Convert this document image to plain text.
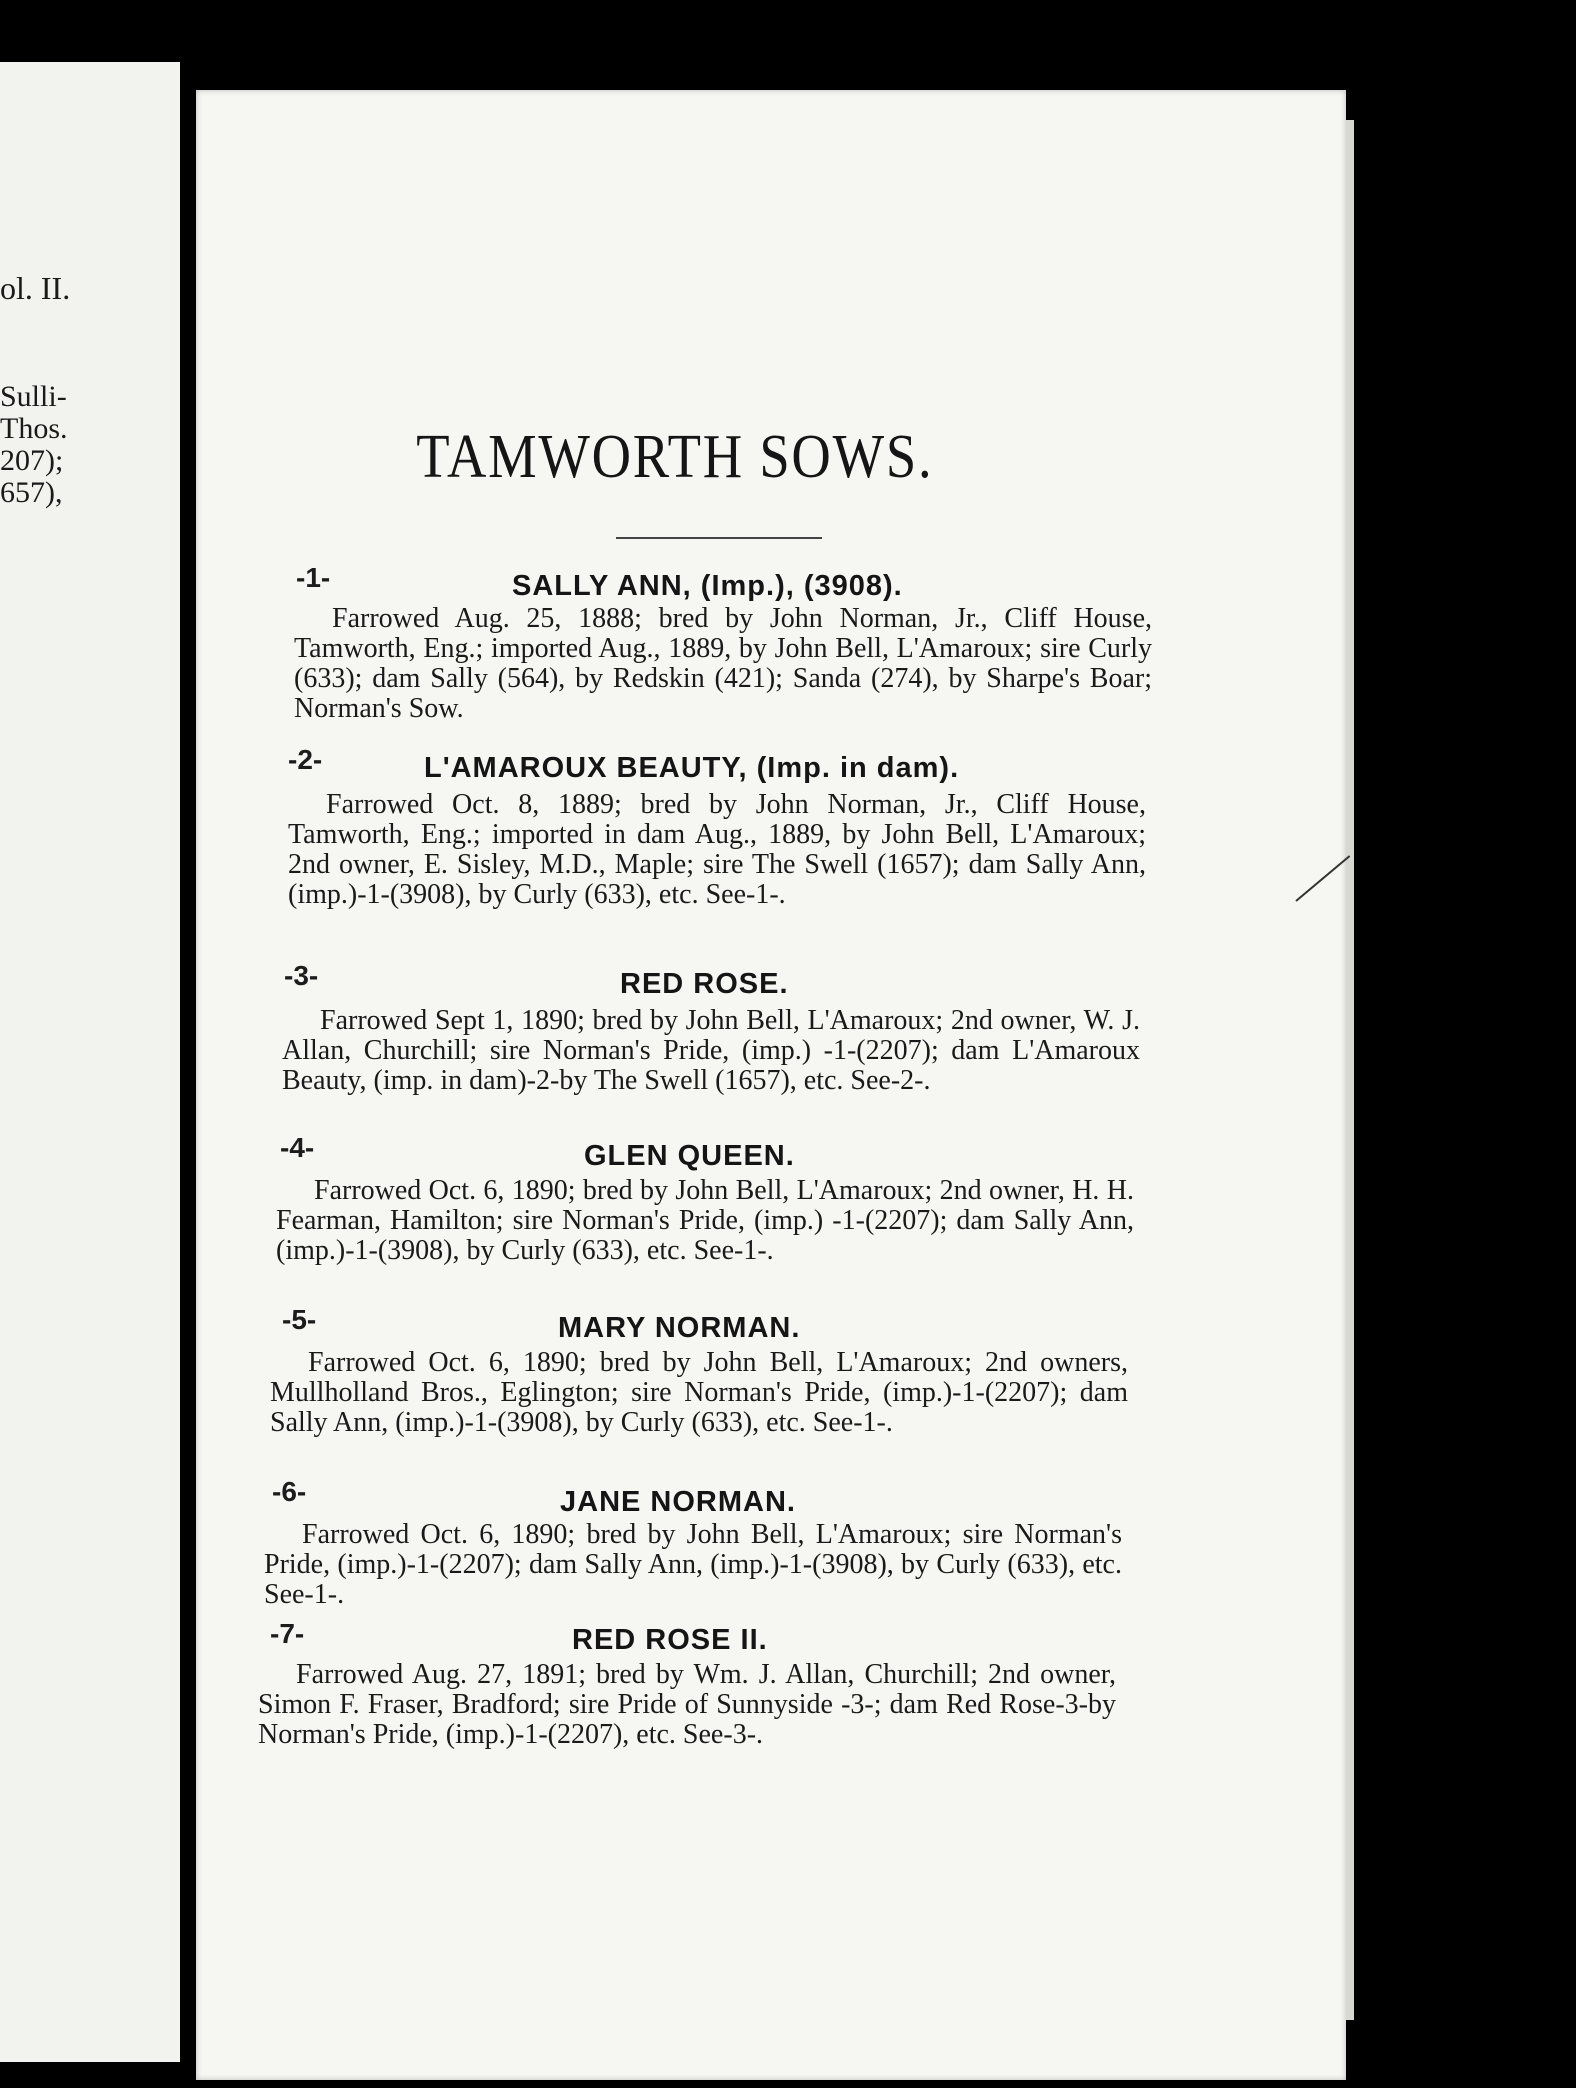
ol. II.
Sulli-
Thos.
207);
657),
TAMWORTH SOWS.
-1-	SALLY ANN, (Imp.), (3908).

Farrowed Aug. 25, 1888; bred by John Norman, Jr., Cliff House, Tamworth, Eng.; imported Aug., 1889, by John Bell, L'Amaroux; sire Curly (633); dam Sally (564), by Redskin (421); Sanda (274), by Sharpe's Boar; Norman's Sow.

-2-	L'AMAROUX BEAUTY, (Imp. in dam).

Farrowed Oct. 8, 1889; bred by John Norman, Jr., Cliff House, Tamworth, Eng.; imported in dam Aug., 1889, by John Bell, L'Amaroux; 2nd owner, E. Sisley, M.D., Maple; sire The Swell (1657); dam Sally Ann, (imp.)-1-(3908), by Curly (633), etc. See-1-.

-3-	RED ROSE.

Farrowed Sept 1, 1890; bred by John Bell, L'Amaroux; 2nd owner, W. J. Allan, Churchill; sire Norman's Pride, (imp.) -1-(2207); dam L'Amaroux Beauty, (imp. in dam)-2-by The Swell (1657), etc. See-2-.

-4-	GLEN QUEEN.

Farrowed Oct. 6, 1890; bred by John Bell, L'Amaroux; 2nd owner, H. H. Fearman, Hamilton; sire Norman's Pride, (imp.) -1-(2207); dam Sally Ann, (imp.)-1-(3908), by Curly (633), etc. See-1-.

-5-	MARY NORMAN.

Farrowed Oct. 6, 1890; bred by John Bell, L'Amaroux; 2nd owners, Mullholland Bros., Eglington; sire Norman's Pride, (imp.)-1-(2207); dam Sally Ann, (imp.)-1-(3908), by Curly (633), etc. See-1-.

-6-	JANE NORMAN.

Farrowed Oct. 6, 1890; bred by John Bell, L'Amaroux; sire Norman's Pride, (imp.)-1-(2207); dam Sally Ann, (imp.)-1-(3908), by Curly (633), etc. See-1-.

-7-	RED ROSE II.

Farrowed Aug. 27, 1891; bred by Wm. J. Allan, Churchill; 2nd owner, Simon F. Fraser, Bradford; sire Pride of Sunnyside -3-; dam Red Rose-3-by Norman's Pride, (imp.)-1-(2207), etc. See-3-.
